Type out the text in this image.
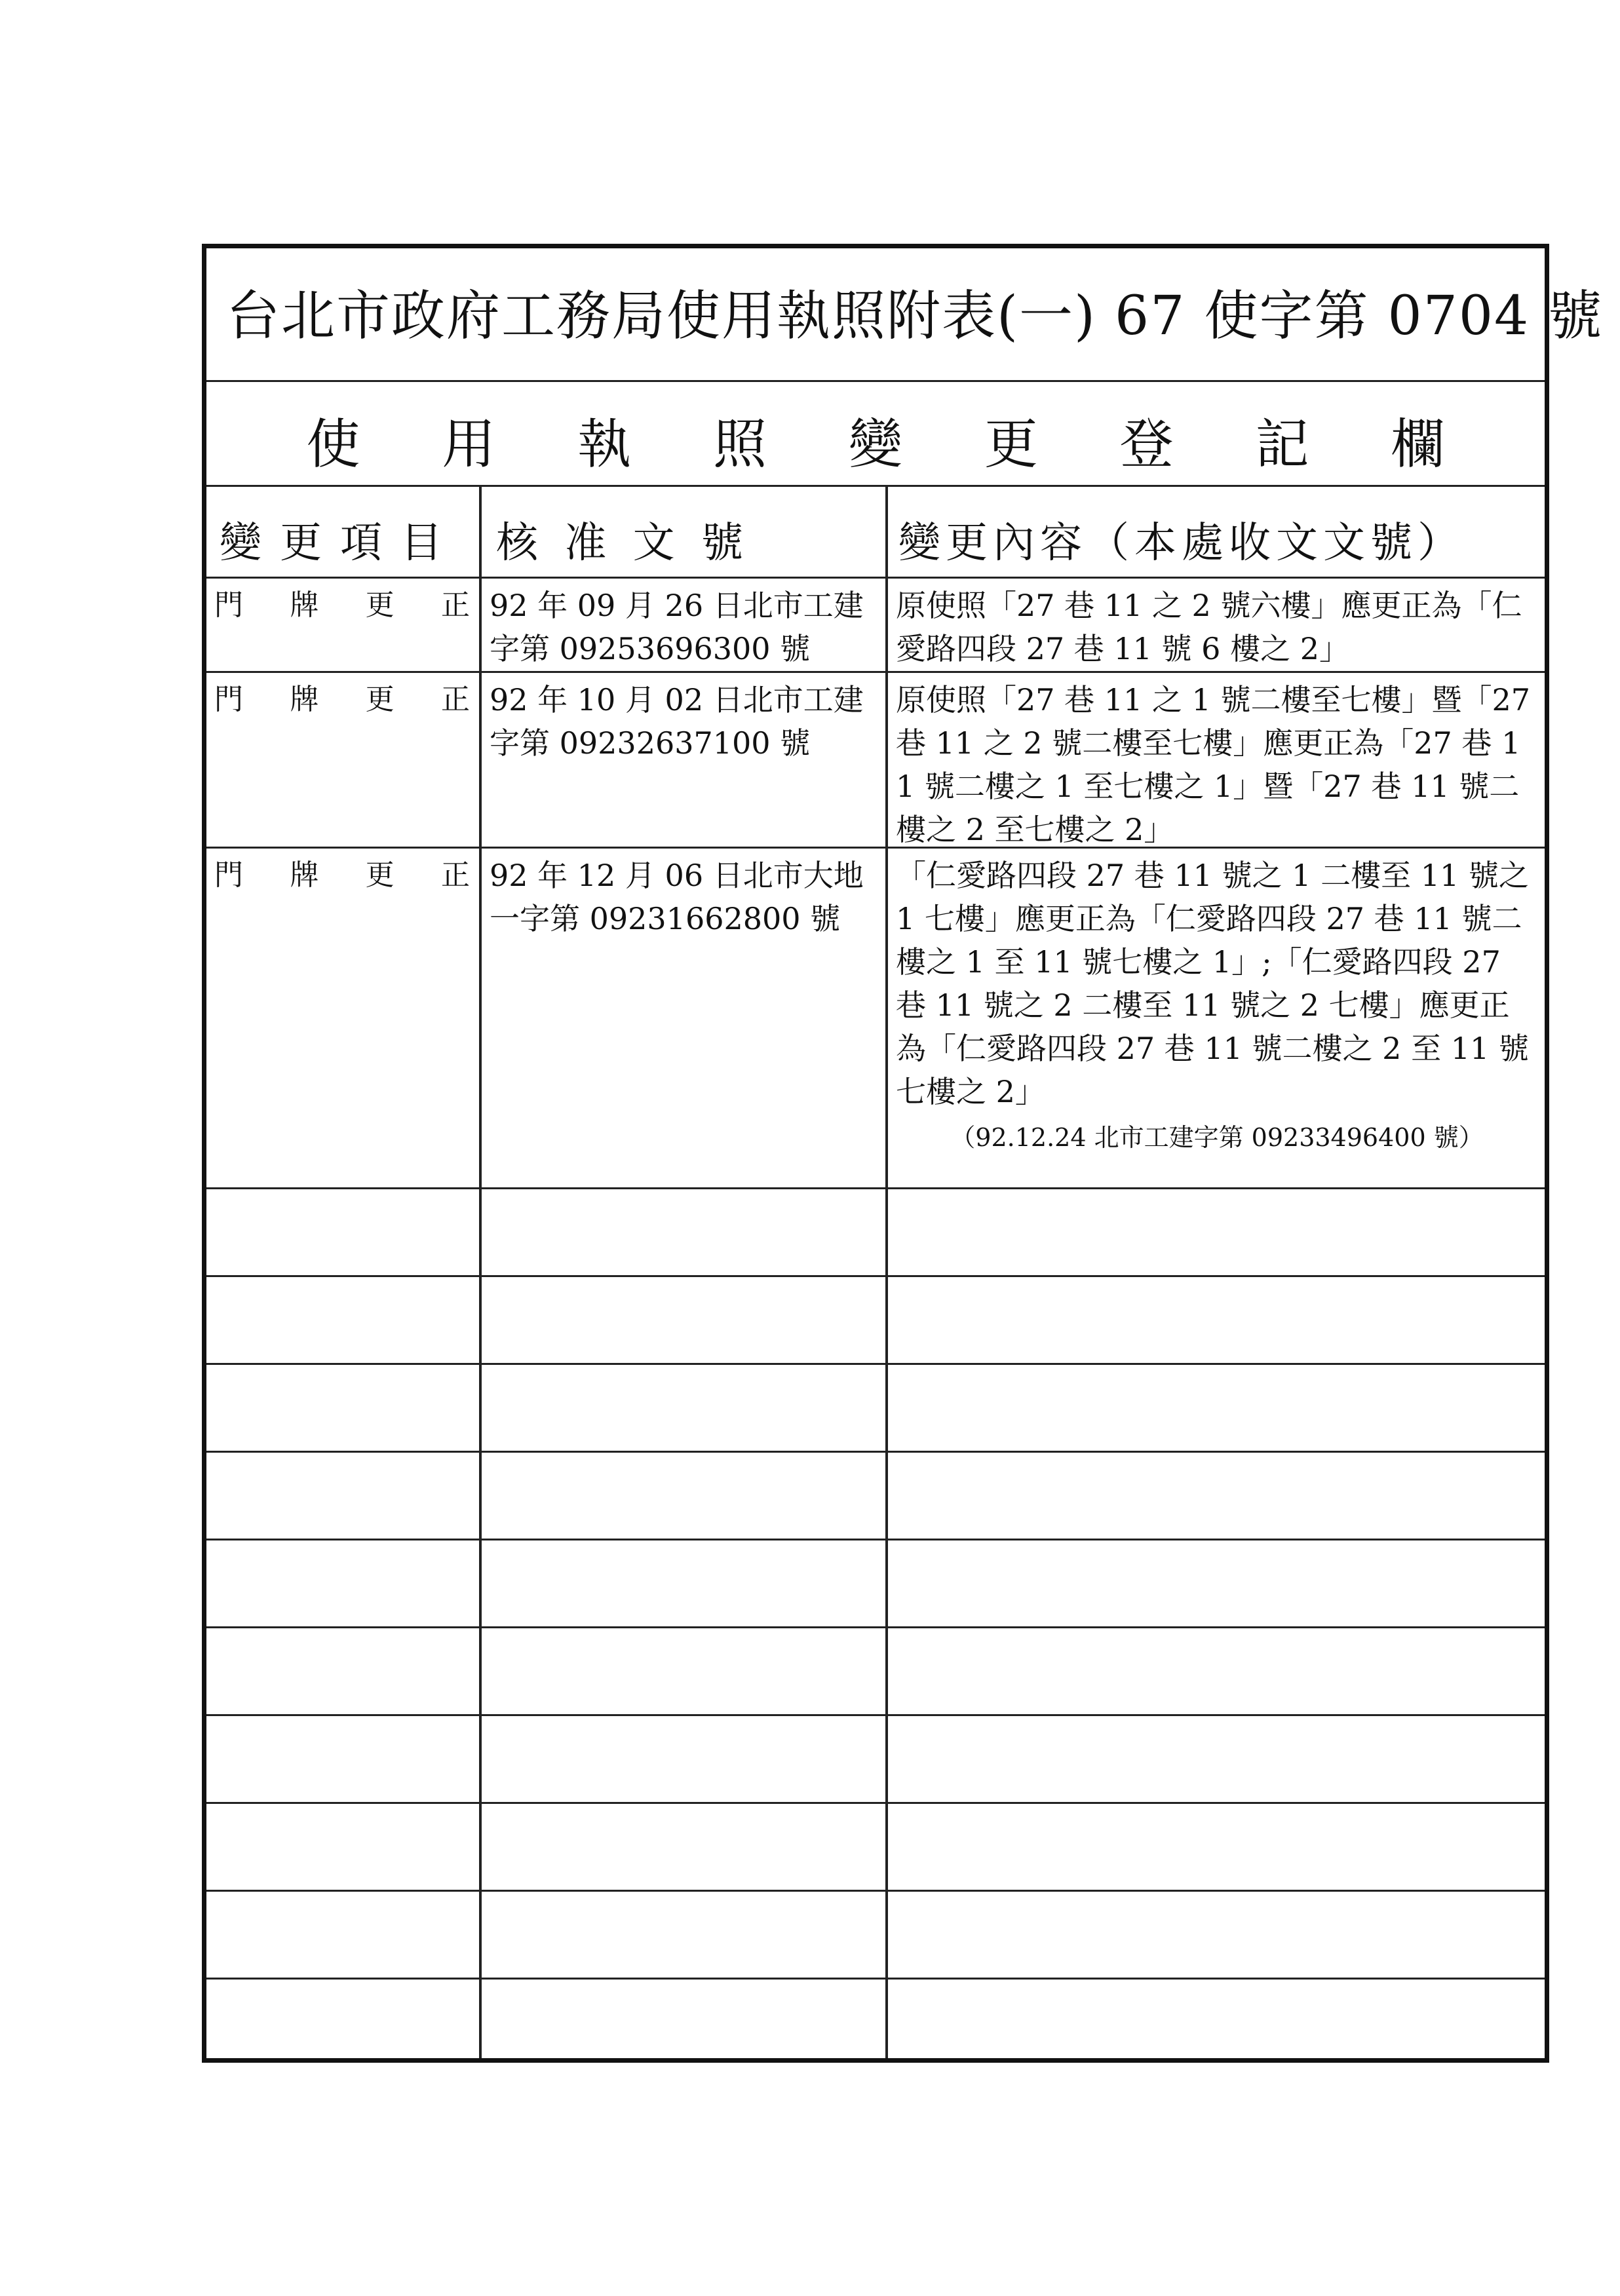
台北市政府工務局使用執照附表(一) 67 使字第 0704 號
使 用 執 照 變 更 登 記 欄
變更項目 核 准 文 號	變更內容（本處收文文號）
門 牌 更 正 92 年 09 月 26 日北市工建字第 09253696300 號
原使照「27 巷 11 之 2 號六樓」應更正為「仁愛路四段 27 巷 11 號 6 樓之 2」
門 牌 更 正 92 年 10 月 02 日北市工建字第 09232637100 號
原使照「27 巷 11 之 1 號二樓至七樓」暨「27 巷 11 之 2 號二樓至七樓」應更正為「27 巷 11 號二樓之 1 至七樓之 1」暨「27 巷 11 號二樓之 2 至七樓之 2」
門 牌 更 正 92 年 12 月 06 日北市大地一字第 09231662800 號
「仁愛路四段 27 巷 11 號之 1 二樓至 11 號之 1 七樓」應更正為「仁愛路四段 27 巷 11 號二樓之 1 至 11 號七樓之 1」;「仁愛路四段 27 巷 11 號之 2 二樓至 11 號之 2 七樓」應更正為「仁愛路四段 27 巷 11 號二樓之 2 至 11 號七樓之 2」
（92.12.24 北市工建字第 09233496400 號）
